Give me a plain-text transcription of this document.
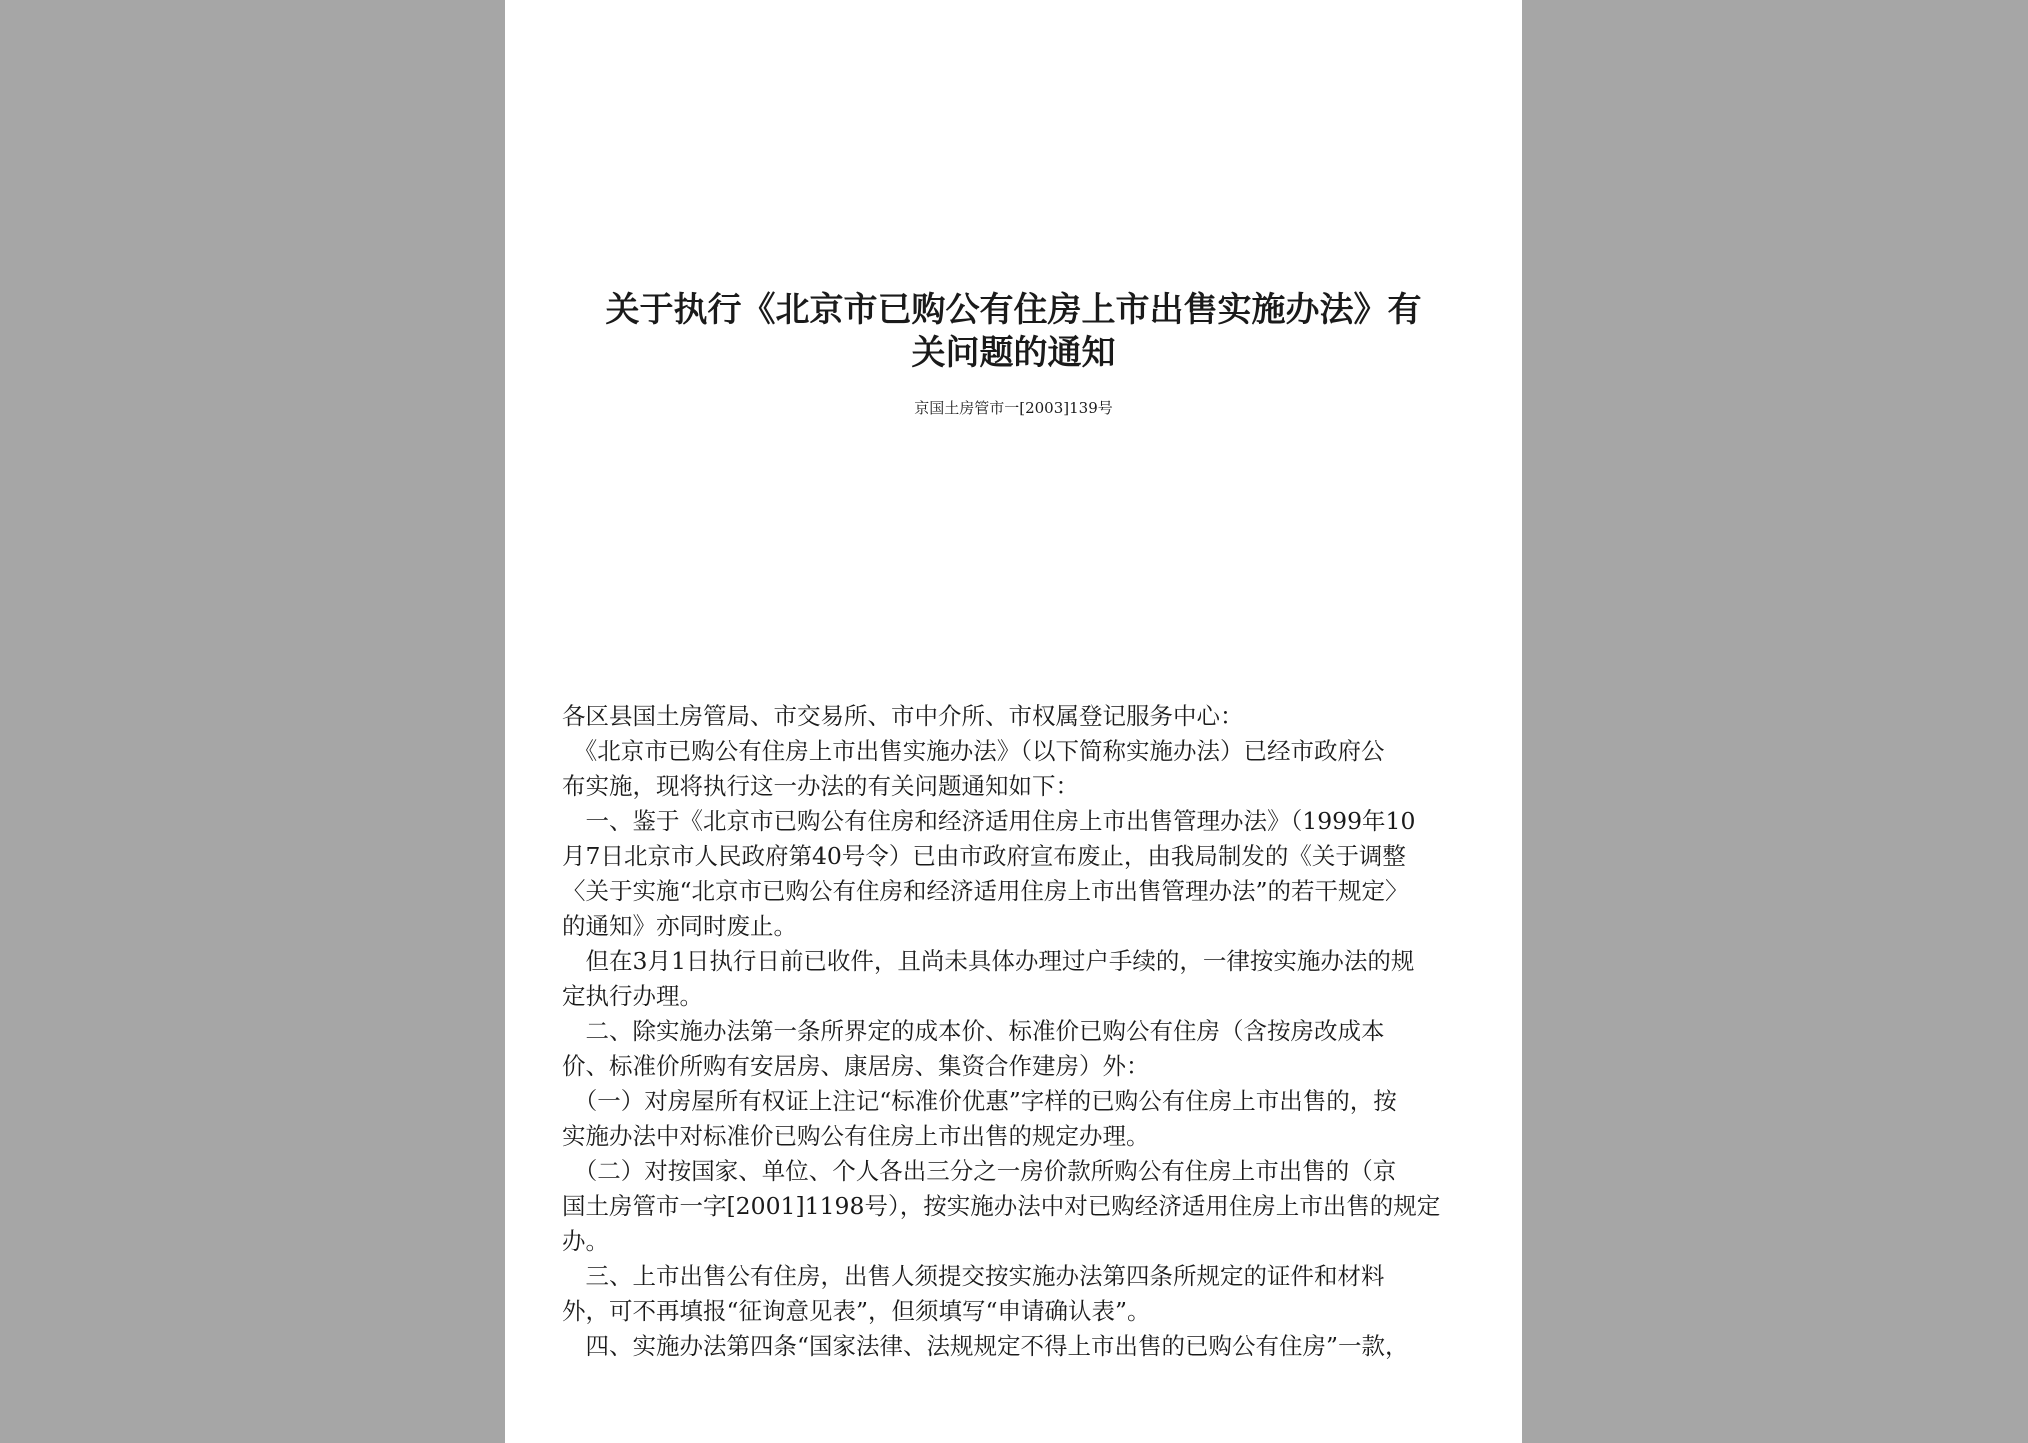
关于执行《北京市已购公有住房上市出售实施办法》有
关问题的通知
京国土房管市一[2003]139号
各区县国土房管局、市交易所、市中介所、市权属登记服务中心：
　《北京市已购公有住房上市出售实施办法》（以下简称实施办法）已经市政府公
布实施，现将执行这一办法的有关问题通知如下：
　一、鉴于《北京市已购公有住房和经济适用住房上市出售管理办法》（1999年10
月7日北京市人民政府第40号令）已由市政府宣布废止，由我局制发的《关于调整
〈关于实施“北京市已购公有住房和经济适用住房上市出售管理办法”的若干规定〉
的通知》亦同时废止。
　但在3月1日执行日前已收件，且尚未具体办理过户手续的，一律按实施办法的规
定执行办理。
　二、除实施办法第一条所界定的成本价、标准价已购公有住房（含按房改成本
价、标准价所购有安居房、康居房、集资合作建房）外：
　（一）对房屋所有权证上注记“标准价优惠”字样的已购公有住房上市出售的，按
实施办法中对标准价已购公有住房上市出售的规定办理。
　（二）对按国家、单位、个人各出三分之一房价款所购公有住房上市出售的（京
国土房管市一字[2001]1198号），按实施办法中对已购经济适用住房上市出售的规定
办。
　三、上市出售公有住房，出售人须提交按实施办法第四条所规定的证件和材料
外，可不再填报“征询意见表”，但须填写“申请确认表”。
　四、实施办法第四条“国家法律、法规规定不得上市出售的已购公有住房”一款，
